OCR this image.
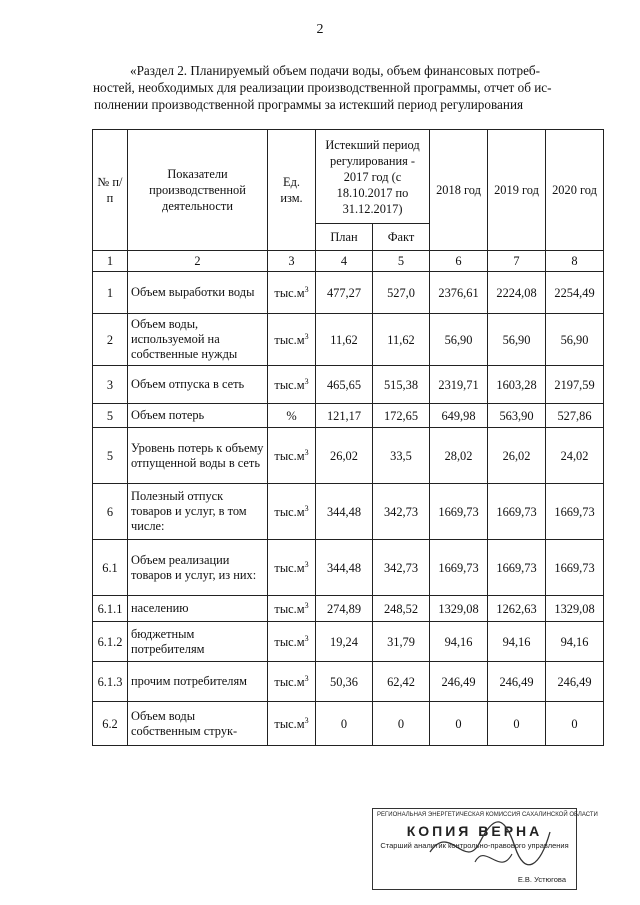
2
«Раздел 2. Планируемый объем подачи воды, объем финансовых потреб-
ностей, необходимых для реализации производственной программы, отчет об ис-
полнении производственной программы за истекший период регулирования
№ п/п	Показатели производственной деятельности	Ед. изм.	Истекший период регулирования - 2017 год (с 18.10.2017 по 31.12.2017)		2018 год	2019 год	2020 год
			План	Факт			
1	2	3	4	5	6	7	8
1	Объем выработки воды	$тыс.м^3$	477,27	527,0	2376,61	2224,08	2254,49
2	Объем воды, используемой на собственные нужды	$тыс.м^3$	11,62	11,62	56,90	56,90	56,90
3	Объем отпуска в сеть	$тыс.м^3$	465,65	515,38	2319,71	1603,28	2197,59
5	Объем потерь	%	121,17	172,65	649,98	563,90	527,86
5	Уровень потерь к объему отпущенной воды в сеть	$тыс.м^3$	26,02	33,5	28,02	26,02	24,02
6	Полезный отпуск товаров и услуг, в том числе:	$тыс.м^3$	344,48	342,73	1669,73	1669,73	1669,73
6.1	Объем реализации товаров и услуг, из них:	$тыс.м^3$	344,48	342,73	1669,73	1669,73	1669,73
6.1.1	населению	$тыс.м^3$	274,89	248,52	1329,08	1262,63	1329,08
6.1.2	бюджетным потребителям	$тыс.м^3$	19,24	31,79	94,16	94,16	94,16
6.1.3	прочим потребителям	$тыс.м^3$	50,36	62,42	246,49	246,49	246,49
6.2	Объем воды собственным струк-	$тыс.м^3$	0	0	0	0	0
РЕГИОНАЛЬНАЯ ЭНЕРГЕТИЧЕСКАЯ КОМИССИЯ САХАЛИНСКОЙ ОБЛАСТИ
КОПИЯ ВЕРНА
Старший аналитик контрольно-правового управления
Е.В. Устюгова
